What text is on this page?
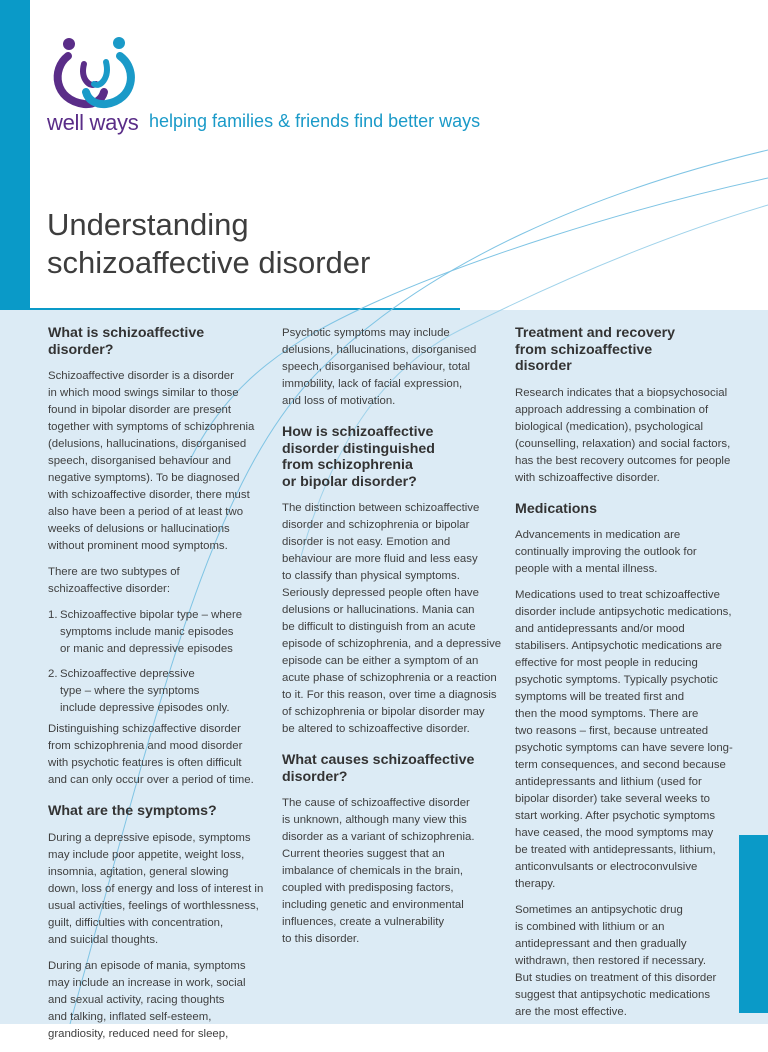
well ways helping families & friends find better ways
Understanding
schizoaffective disorder
What is schizoaffective
disorder?

Schizoaffective disorder is a disorder
in which mood swings similar to those
found in bipolar disorder are present
together with symptoms of schizophrenia
(delusions, hallucinations, disorganised
speech, disorganised behaviour and
negative symptoms). To be diagnosed
with schizoaffective disorder, there must
also have been a period of at least two
weeks of delusions or hallucinations
without prominent mood symptoms.

There are two subtypes of
schizoaffective disorder:

1. Schizoaffective bipolar type – where
symptoms include manic episodes
or manic and depressive episodes
2. Schizoaffective depressive
type – where the symptoms
include depressive episodes only.

Distinguishing schizoaffective disorder
from schizophrenia and mood disorder
with psychotic features is often difficult
and can only occur over a period of time.

What are the symptoms?

During a depressive episode, symptoms
may include poor appetite, weight loss,
insomnia, agitation, general slowing
down, loss of energy and loss of interest in
usual activities, feelings of worthlessness,
guilt, difficulties with concentration,
and suicidal thoughts.

During an episode of mania, symptoms
may include an increase in work, social
and sexual activity, racing thoughts
and talking, inflated self-esteem,
grandiosity, reduced need for sleep,

Psychotic symptoms may include
delusions, hallucinations, disorganised
speech, disorganised behaviour, total
immobility, lack of facial expression,
and loss of motivation.

How is schizoaffective
disorder distinguished
from schizophrenia
or bipolar disorder?

The distinction between schizoaffective
disorder and schizophrenia or bipolar
disorder is not easy. Emotion and
behaviour are more fluid and less easy
to classify than physical symptoms.
Seriously depressed people often have
delusions or hallucinations. Mania can
be difficult to distinguish from an acute
episode of schizophrenia, and a depressive
episode can be either a symptom of an
acute phase of schizophrenia or a reaction
to it. For this reason, over time a diagnosis
of schizophrenia or bipolar disorder may
be altered to schizoaffective disorder.

What causes schizoaffective
disorder?

The cause of schizoaffective disorder
is unknown, although many view this
disorder as a variant of schizophrenia.
Current theories suggest that an
imbalance of chemicals in the brain,
coupled with predisposing factors,
including genetic and environmental
influences, create a vulnerability
to this disorder.

Treatment and recovery
from schizoaffective
disorder

Research indicates that a biopsychosocial
approach addressing a combination of
biological (medication), psychological
(counselling, relaxation) and social factors,
has the best recovery outcomes for people
with schizoaffective disorder.

Medications

Advancements in medication are
continually improving the outlook for
people with a mental illness.

Medications used to treat schizoaffective
disorder include antipsychotic medications,
and antidepressants and/or mood
stabilisers. Antipsychotic medications are
effective for most people in reducing
psychotic symptoms. Typically psychotic
symptoms will be treated first and
then the mood symptoms. There are
two reasons – first, because untreated
psychotic symptoms can have severe long-
term consequences, and second because
antidepressants and lithium (used for
bipolar disorder) take several weeks to
start working. After psychotic symptoms
have ceased, the mood symptoms may
be treated with antidepressants, lithium,
anticonvulsants or electroconvulsive
therapy.

Sometimes an antipsychotic drug
is combined with lithium or an
antidepressant and then gradually
withdrawn, then restored if necessary.
But studies on treatment of this disorder
suggest that antipsychotic medications
are the most effective.
